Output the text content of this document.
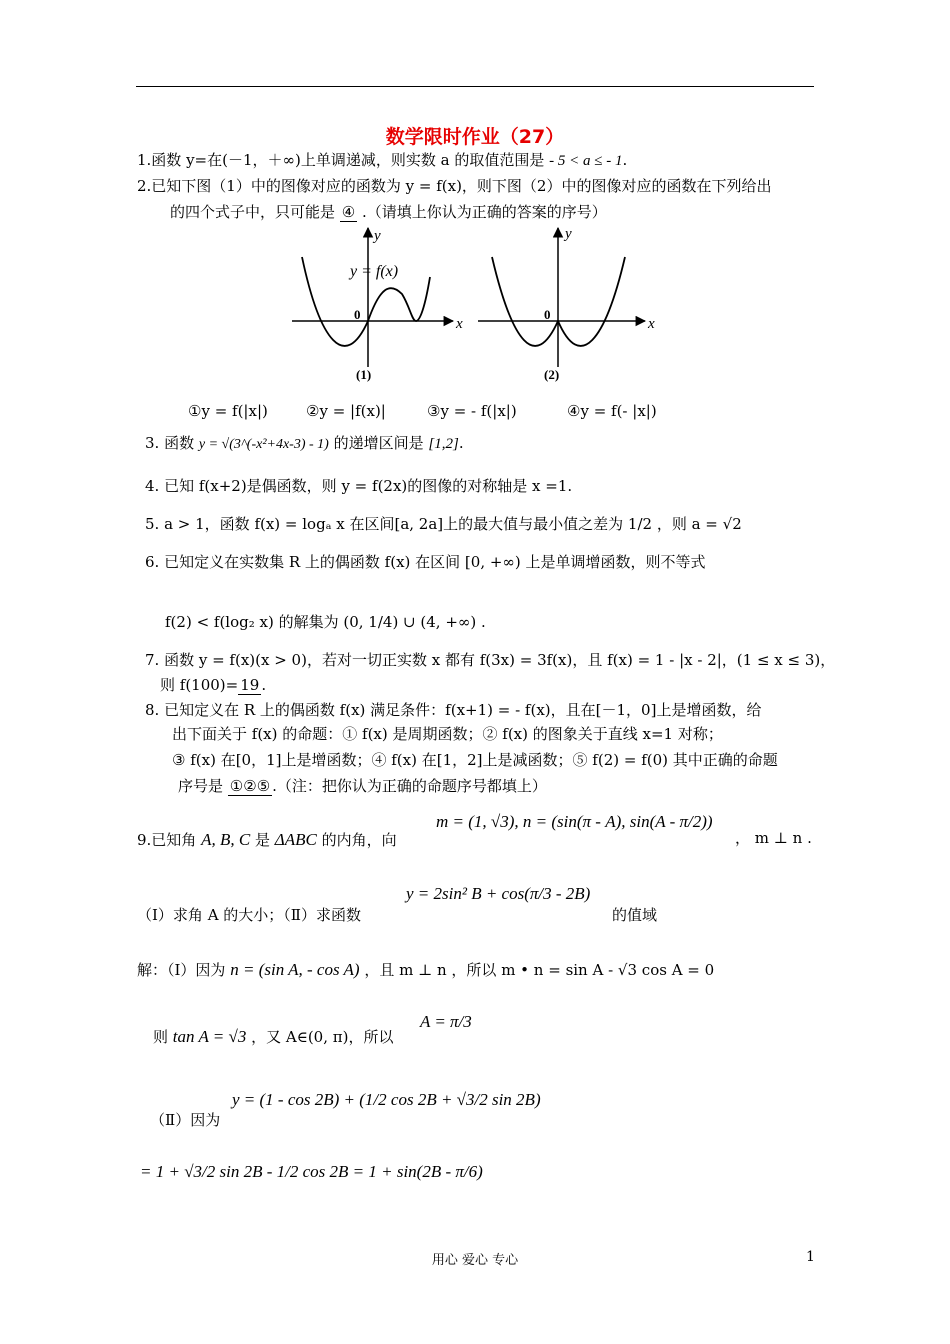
数学限时作业（27）
1.函数 y=在(－1，＋∞)上单调递减，则实数 a 的取值范围是 - 5 < a ≤ - 1.
2.已知下图（1）中的图像对应的函数为 y = f(x)，则下图（2）中的图像对应的函数在下列给出
的四个式子中，只可能是 ④ .（请填上你认为正确的答案的序号）
0
x
y
y = f(x)
(1)
0
x
y
(2)
①y = f(|x|)	②y = |f(x)|	③y = - f(|x|)	④y = f(- |x|)
3. 函数 y = √(3^(-x²+4x-3) - 1) 的递增区间是 [1,2].
4. 已知 f(x+2)是偶函数，则 y = f(2x)的图像的对称轴是 x =1.
5. a > 1，函数 f(x) = logₐ x 在区间[a, 2a]上的最大值与最小值之差为 1/2 ，则 a = √2
6. 已知定义在实数集 R 上的偶函数 f(x) 在区间 [0, +∞) 上是单调增函数，则不等式
f(2) < f(log₂ x) 的解集为 (0, 1/4) ∪ (4, +∞) .
7. 函数 y = f(x)(x > 0)，若对一切正实数 x 都有 f(3x) = 3f(x)，且 f(x) = 1 - |x - 2|，(1 ≤ x ≤ 3)，
则 f(100)= 19 .
8. 已知定义在 R 上的偶函数 f(x) 满足条件：f(x+1) = - f(x)，且在[－1，0]上是增函数，给
出下面关于 f(x) 的命题：① f(x) 是周期函数；② f(x) 的图象关于直线 x=1 对称；
③ f(x) 在[0，1]上是增函数；④ f(x) 在[1，2]上是减函数；⑤ f(2) = f(0) 其中正确的命题
序号是 ①②⑤ .（注：把你认为正确的命题序号都填上）
9.已知角 A, B, C 是 ΔABC 的内角，向
m = (1, √3), n = (sin(π - A), sin(A - π/2))
， m ⊥ n .
（Ⅰ）求角 A 的大小；（Ⅱ）求函数
y = 2sin² B + cos(π/3 - 2B)
的值域
解：（Ⅰ）因为 n = (sin A, - cos A) ，且 m ⊥ n ，所以 m • n = sin A - √3 cos A = 0
则 tan A = √3 ，又 A∈(0, π)，所以
A = π/3
（Ⅱ）因为
y = (1 - cos 2B) + (1/2 cos 2B + √3/2 sin 2B)
= 1 + √3/2 sin 2B - 1/2 cos 2B = 1 + sin(2B - π/6)
用心 爱心 专心	1
